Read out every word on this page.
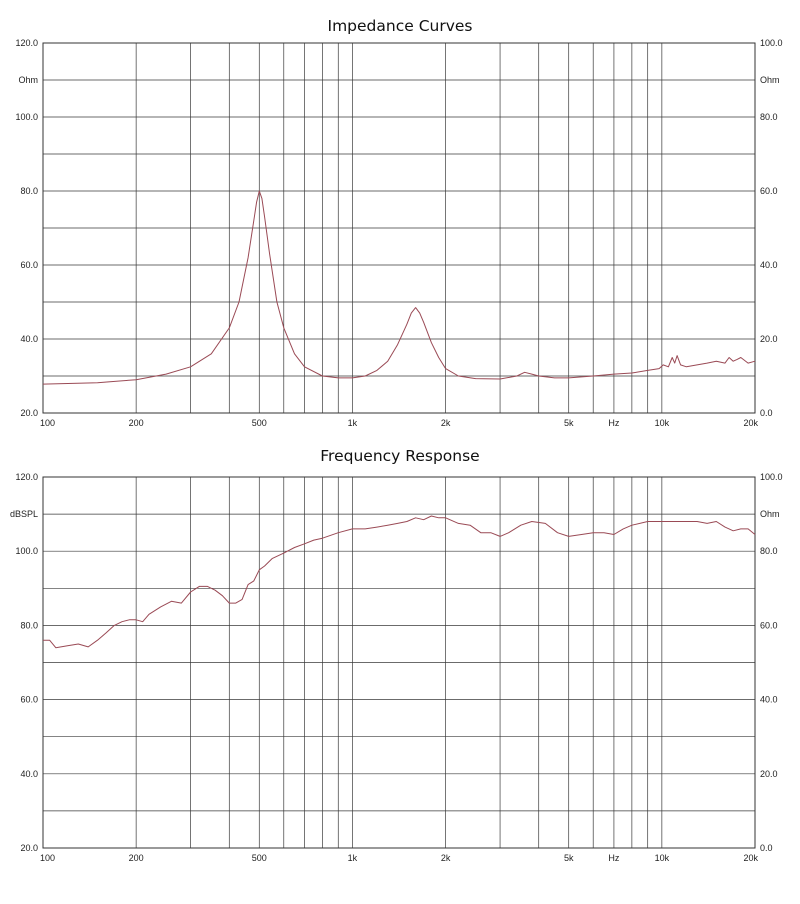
Impedance Curves
Frequency Response
120.0
100.0
80.0
60.0
40.0
20.0
100.0
80.0
60.0
40.0
20.0
0.0
Ohm	Ohm
100	200	500	1k	2k	5k	Hz	10k	20k
120.0
100.0
80.0
60.0
40.0
20.0
100.0
80.0
60.0
40.0
20.0
0.0
dBSPL	Ohm
100	200	500	1k	2k	5k	Hz	10k	20k
